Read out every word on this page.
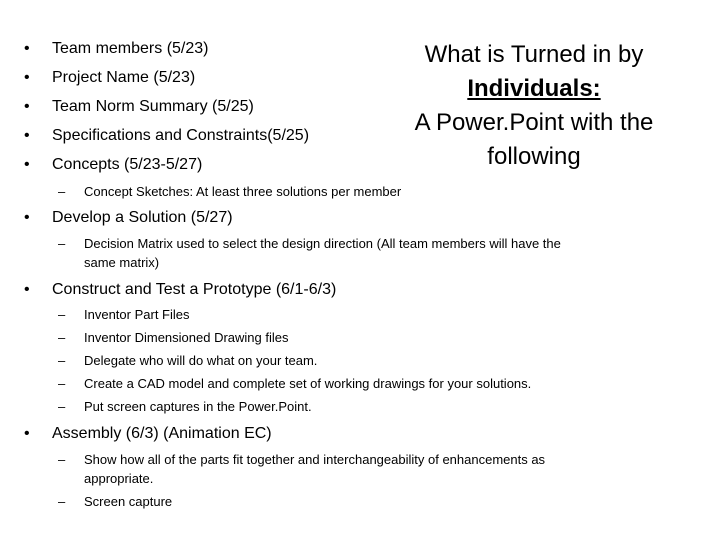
• Team members (5/23)
• Project Name (5/23)
• Team Norm Summary (5/25)
• Specifications and Constraints(5/25)
• Concepts (5/23-5/27)
What is Turned in by
Individuals:
A Power.Point with the
following
– Concept Sketches: At least three solutions per member
• Develop a Solution (5/27)
– Decision Matrix used to select the design direction (All team members will have the
same matrix)
• Construct and Test a Prototype (6/1-6/3)
– Inventor Part Files
– Inventor Dimensioned Drawing files
– Delegate who will do what on your team.
– Create a CAD model and complete set of working drawings for your solutions.
– Put screen captures in the Power.Point.
• Assembly (6/3) (Animation EC)
– Show how all of the parts fit together and interchangeability of enhancements as
appropriate.
– Screen capture
